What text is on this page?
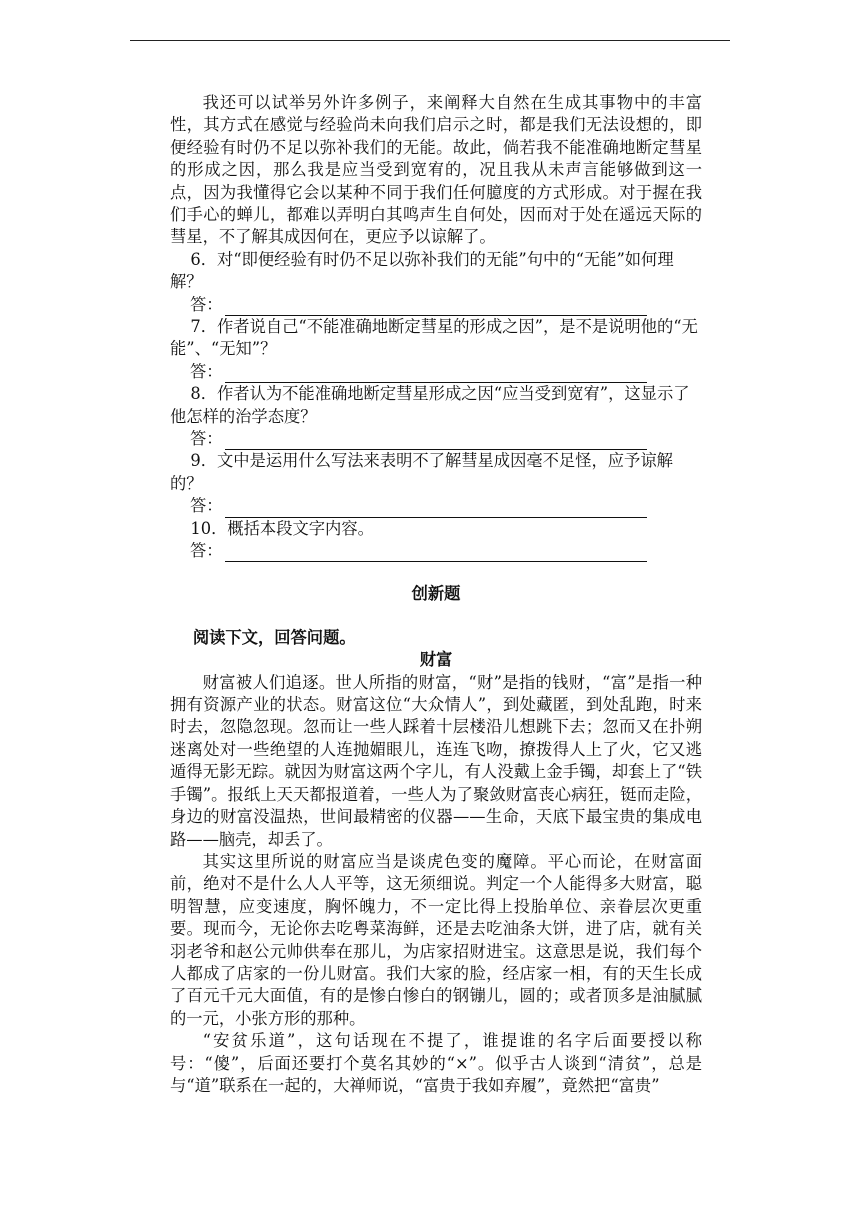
我还可以试举另外许多例子，来阐释大自然在生成其事物中的丰富性，其方式在感觉与经验尚未向我们启示之时，都是我们无法设想的，即便经验有时仍不足以弥补我们的无能。故此，倘若我不能准确地断定彗星的形成之因，那么我是应当受到宽宥的，况且我从未声言能够做到这一点，因为我懂得它会以某种不同于我们任何臆度的方式形成。对于握在我们手心的蝉儿，都难以弄明白其鸣声生自何处，因而对于处在遥远天际的彗星，不了解其成因何在，更应予以谅解了。

6．对“即便经验有时仍不足以弥补我们的无能”句中的“无能”如何理解？

答：

7．作者说自己“不能准确地断定彗星的形成之因”，是不是说明他的“无能”、“无知”？

答：

8．作者认为不能准确地断定彗星形成之因“应当受到宽宥”，这显示了他怎样的治学态度？

答：

9．文中是运用什么写法来表明不了解彗星成因毫不足怪，应予谅解的？

答：

10．概括本段文字内容。

答：

创新题

阅读下文，回答问题。

财富

财富被人们追逐。世人所指的财富，“财”是指的钱财，“富”是指一种拥有资源产业的状态。财富这位“大众情人”，到处藏匿，到处乱跑，时来时去，忽隐忽现。忽而让一些人踩着十层楼沿儿想跳下去；忽而又在扑朔迷离处对一些绝望的人连抛媚眼儿，连连飞吻，撩拨得人上了火，它又逃遁得无影无踪。就因为财富这两个字儿，有人没戴上金手镯，却套上了“铁手镯”。报纸上天天都报道着，一些人为了聚敛财富丧心病狂，铤而走险，身边的财富没温热，世间最精密的仪器——生命，天底下最宝贵的集成电路——脑壳，却丢了。

其实这里所说的财富应当是谈虎色变的魔障。平心而论，在财富面前，绝对不是什么人人平等，这无须细说。判定一个人能得多大财富，聪明智慧，应变速度，胸怀魄力，不一定比得上投胎单位、亲眷层次更重要。现而今，无论你去吃粤菜海鲜，还是去吃油条大饼，进了店，就有关羽老爷和赵公元帅供奉在那儿，为店家招财进宝。这意思是说，我们每个人都成了店家的一份儿财富。我们大家的脸，经店家一相，有的天生长成了百元千元大面值，有的是惨白惨白的钢镚儿，圆的；或者顶多是油腻腻的一元，小张方形的那种。

“安贫乐道”，这句话现在不提了，谁提谁的名字后面要授以称号：“傻”，后面还要打个莫名其妙的“×”。似乎古人谈到“清贫”，总是与“道”联系在一起的，大禅师说，“富贵于我如弃履”，竟然把“富贵”
